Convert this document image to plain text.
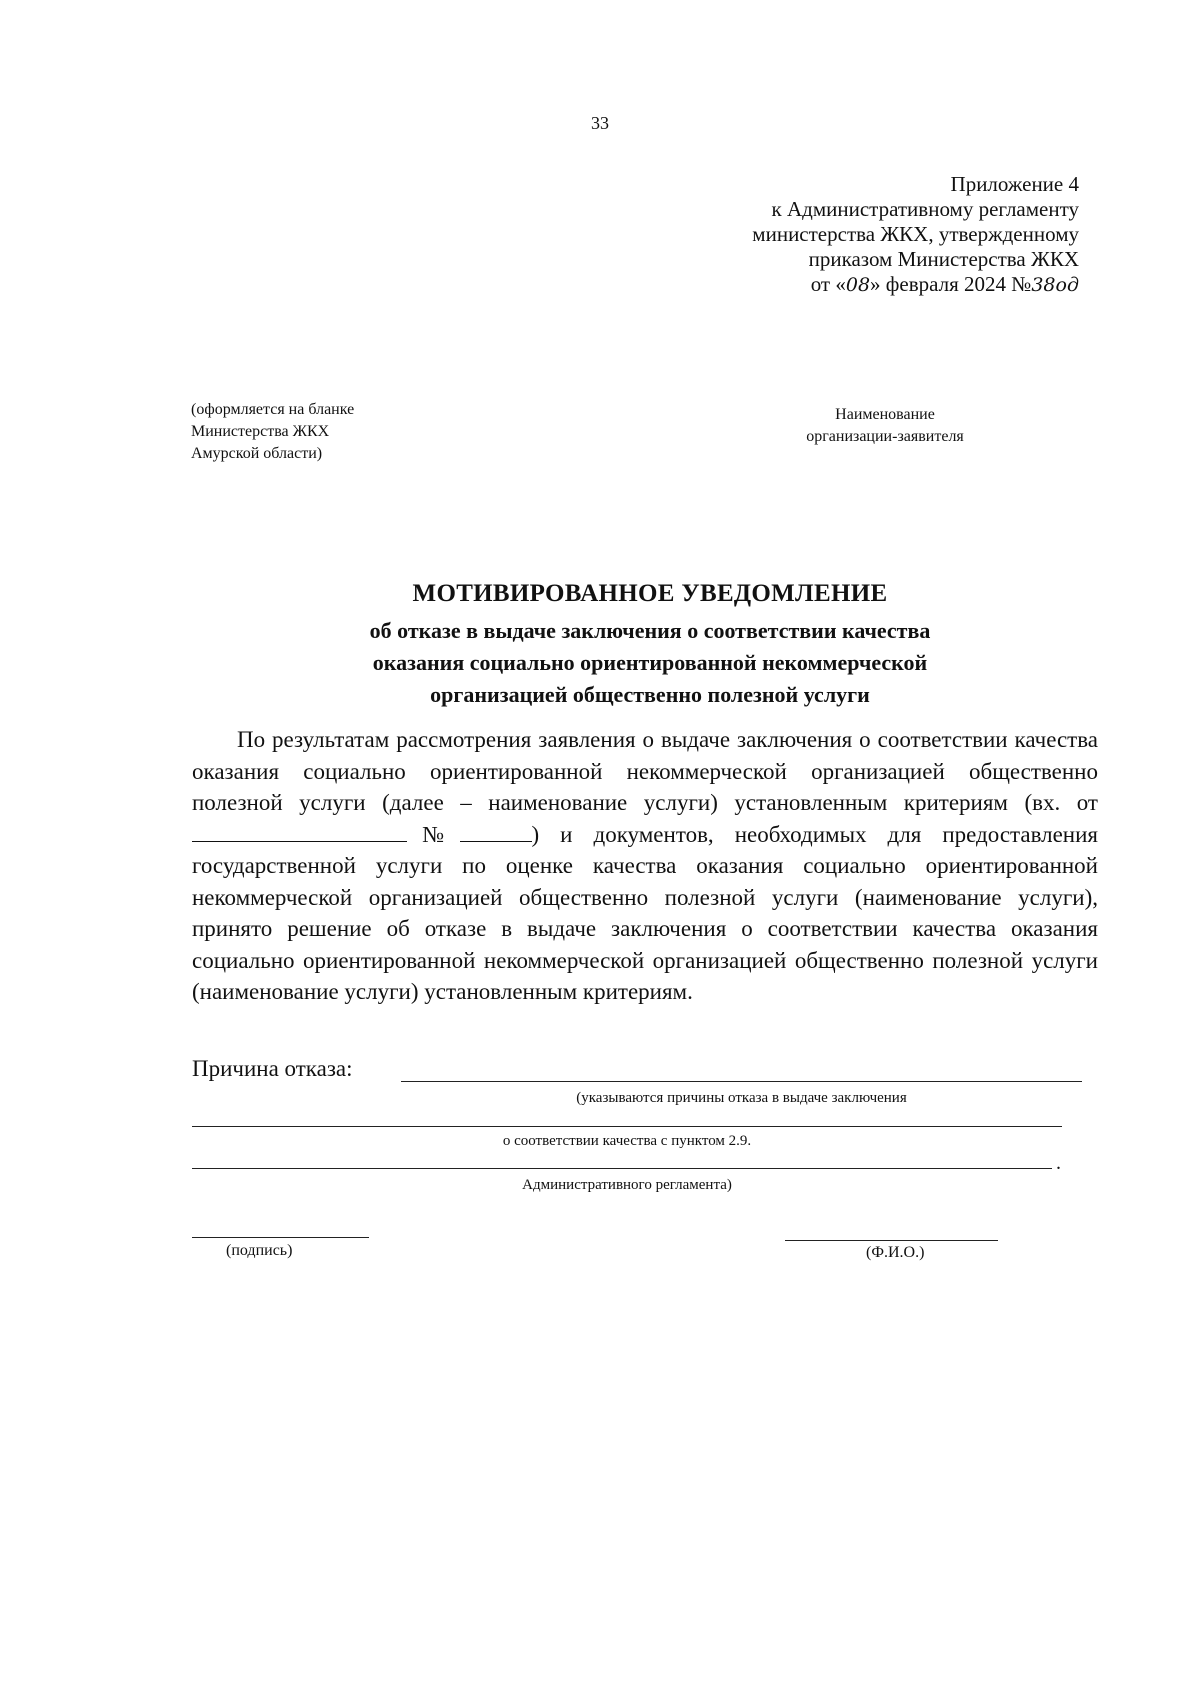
33
Приложение 4
к Административному регламенту
министерства ЖКХ, утвержденному
приказом Министерства ЖКХ
от «08» февраля 2024 №38од
(оформляется на бланке
Министерства ЖКХ
Амурской области)
Наименование
организации-заявителя
МОТИВИРОВАННОЕ УВЕДОМЛЕНИЕ
об отказе в выдаче заключения о соответствии качества
оказания социально ориентированной некоммерческой
организацией общественно полезной услуги

По результатам рассмотрения заявления о выдаче заключения о соответствии качества оказания социально ориентированной некоммерческой организацией общественно полезной услуги (далее – наименование услуги) установленным критериям (вх. от№	) и документов, необходимых для предоставления государственной услуги по оценке качества оказания социально ориентированной некоммерческой организацией общественно полезной услуги (наименование услуги), принято решение об отказе в выдаче заключения о соответствии качества оказания социально ориентированной некоммерческой организацией общественно полезной услуги (наименование услуги) установленным критериям.

Причина отказа:
(указываются причины отказа в выдаче заключения
о соответствии качества с пунктом 2.9.
.
Административного регламента)
(подпись)	(Ф.И.О.)
